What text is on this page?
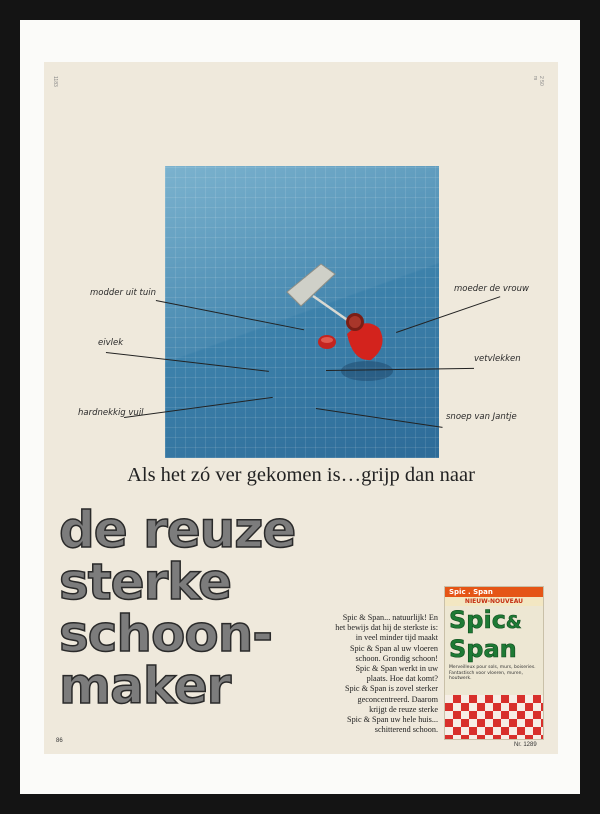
1183	2 50 m
modder uit tuin
eivlek
hardnekkig vuil
moeder de vrouw
vetvlekken
snoep van Jantje
Als het zó ver gekomen is…grijp dan naar
de reuze
sterke
schoon-
maker
Spic & Span... natuurlijk! En
het bewijs dat hij de sterkste is:
in veel minder tijd maakt
Spic & Span al uw vloeren
schoon. Grondig schoon!
Spic & Span werkt in uw
plaats. Hoe dat komt?
Spic & Span is zovel sterker
geconcentreerd. Daarom
krijgt de reuze sterke
Spic & Span uw hele huis...
schitterend schoon.
Spic . Span
NIEUW-NOUVEAU
Spic&
Span
Merveilleux pour sols, murs, boiseries. Fantastisch voor vloeren, muren, houtwerk.
86
Nr. 1289
